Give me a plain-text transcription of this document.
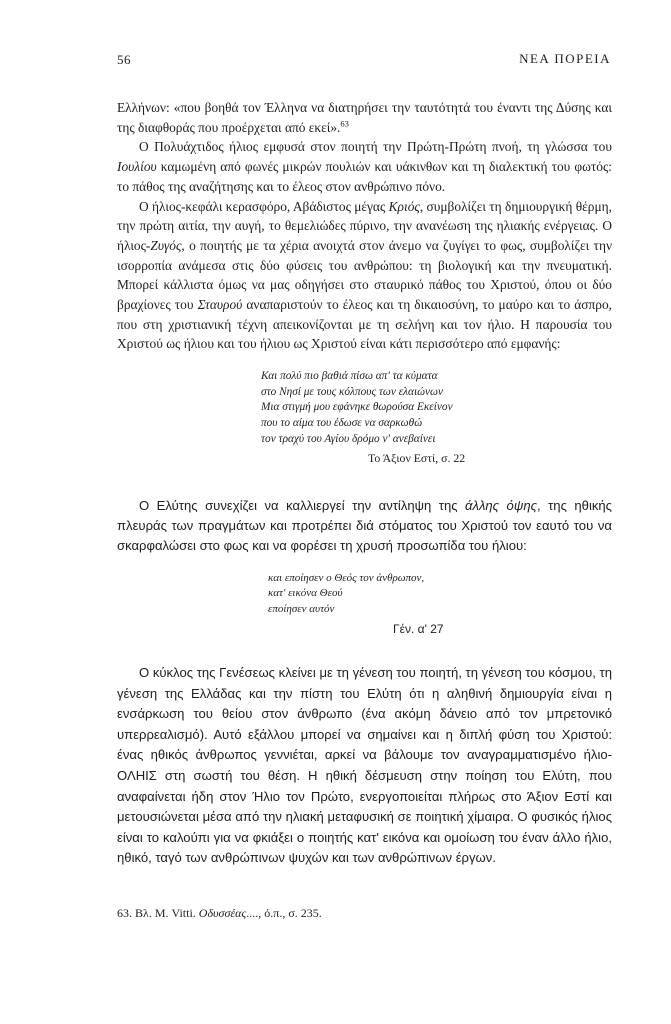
56	ΝΕΑ ΠΟΡΕΙΑ

Ελλήνων: «που βοηθά τον Έλληνα να διατηρήσει την ταυτότητά του έναντι της Δύσης και της διαφθοράς που προέρχεται από εκεί».$^{63}$

Ο Πολυάχτιδος ήλιος εμφυσά στον ποιητή την Πρώτη-Πρώτη πνοή, τη γλώσσα του Ιουλίου καμωμένη από φωνές μικρών πουλιών και υάκινθων και τη διαλεκτική του φωτός: το πάθος της αναζήτησης και το έλεος στον ανθρώπινο πόνο.

Ο ήλιος-κεφάλι κερασφόρο, Αβάδιστος μέγας Κριός, συμβολίζει τη δημιουργική θέρμη, την πρώτη αιτία, την αυγή, το θεμελιώδες πύρινο, την ανανέωση της ηλιακής ενέργειας. Ο ήλιος-Ζυγός, ο ποιητής με τα χέρια ανοιχτά στον άνεμο να ζυγίγει το φως, συμβολίζει την ισορροπία ανάμεσα στις δύο φύσεις του ανθρώπου: τη βιολογική και την πνευματική. Μπορεί κάλλιστα όμως να μας οδηγήσει στο σταυρικό πάθος του Χριστού, όπου οι δύο βραχίονες του Σταυρού αναπαριστούν το έλεος και τη δικαιοσύνη, το μαύρο και το άσπρο, που στη χριστιανική τέχνη απεικονίζονται με τη σελήνη και τον ήλιο. Η παρουσία του Χριστού ως ήλιου και του ήλιου ως Χριστού είναι κάτι περισσότερο από εμφανής:

Και πολύ πιο βαθιά πίσω απ' τα κύματα
στο Νησί με τους κόλπους των ελαιώνων
Μια στιγμή μου εφάνηκε θωρούσα Εκείνον
που το αίμα του έδωσε να σαρκωθώ
τον τραχύ του Αγίου δρόμο ν' ανεβαίνει
Το Άξιον Εστί, σ. 22

Ο Ελύτης συνεχίζει να καλλιεργεί την αντίληψη της άλλης όψης, της ηθικής πλευράς των πραγμάτων και προτρέπει διά στόματος του Χριστού τον εαυτό του να σκαρφαλώσει στο φως και να φορέσει τη χρυσή προσωπίδα του ήλιου:

και εποίησεν ο Θεός τον άνθρωπον,
κατ' εικόνα Θεού
εποίησεν αυτόν
Γέν. α' 27

Ο κύκλος της Γενέσεως κλείνει με τη γένεση του ποιητή, τη γένεση του κόσμου, τη γένεση της Ελλάδας και την πίστη του Ελύτη ότι η αληθινή δημιουργία είναι η ενσάρκωση του θείου στον άνθρωπο (ένα ακόμη δάνειο από τον μπρετονικό υπερρεαλισμό). Αυτό εξάλλου μπορεί να σημαίνει και η διπλή φύση του Χριστού: ένας ηθικός άνθρωπος γεννιέται, αρκεί να βάλουμε τον αναγραμματισμένο ήλιο-ΟΛΗΙΣ στη σωστή του θέση. Η ηθική δέσμευση στην ποίηση του Ελύτη, που αναφαίνεται ήδη στον Ήλιο τον Πρώτο, ενεργοποιείται πλήρως στο Άξιον Εστί και μετουσιώνεται μέσα από την ηλιακή μεταφυσική σε ποιητική χίμαιρα. Ο φυσικός ήλιος είναι το καλούπι για να φκιάξει ο ποιητής κατ' εικόνα και ομοίωση του έναν άλλο ήλιο, ηθικό, ταγό των ανθρώπινων ψυχών και των ανθρώπινων έργων.

63. Βλ. Μ. Vitti. Οδυσσέας...., ό.π., σ. 235.
